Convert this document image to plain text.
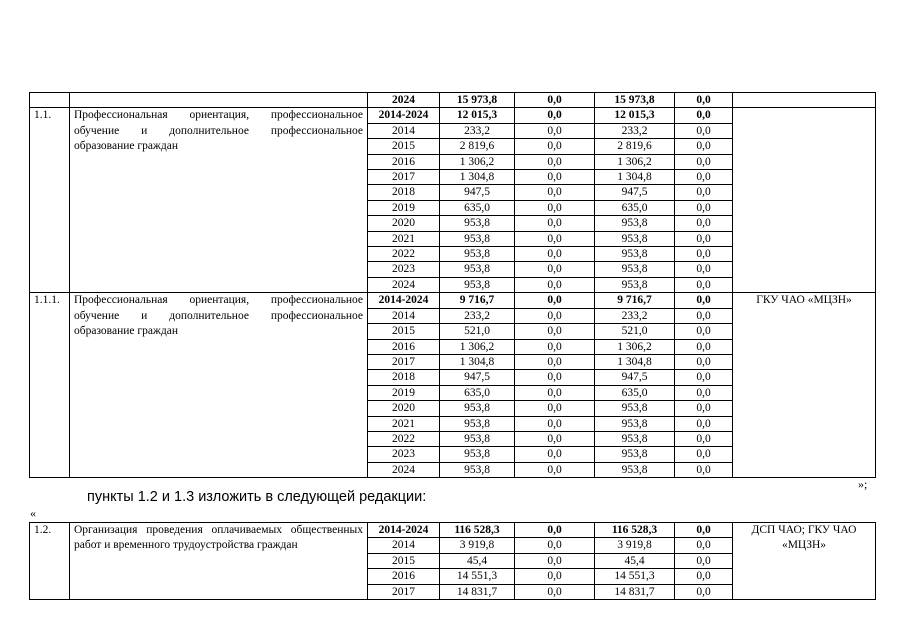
		2024	15 973,8	0,0	15 973,8	0,0	
1.1.	Профессиональная ориентация, профессиональное обучение и дополнительное профессиональное образование граждан	2014-2024	12 015,3	0,0	12 015,3	0,0	
		2014	233,2	0,0	233,2	0,0	
		2015	2 819,6	0,0	2 819,6	0,0	
		2016	1 306,2	0,0	1 306,2	0,0	
		2017	1 304,8	0,0	1 304,8	0,0	
		2018	947,5	0,0	947,5	0,0	
		2019	635,0	0,0	635,0	0,0	
		2020	953,8	0,0	953,8	0,0	
		2021	953,8	0,0	953,8	0,0	
		2022	953,8	0,0	953,8	0,0	
		2023	953,8	0,0	953,8	0,0	
		2024	953,8	0,0	953,8	0,0	
1.1.1.	Профессиональная ориентация, профессиональное обучение и дополнительное профессиональное образование граждан	2014-2024	9 716,7	0,0	9 716,7	0,0	ГКУ ЧАО «МЦЗН»
		2014	233,2	0,0	233,2	0,0	
		2015	521,0	0,0	521,0	0,0	
		2016	1 306,2	0,0	1 306,2	0,0	
		2017	1 304,8	0,0	1 304,8	0,0	
		2018	947,5	0,0	947,5	0,0	
		2019	635,0	0,0	635,0	0,0	
		2020	953,8	0,0	953,8	0,0	
		2021	953,8	0,0	953,8	0,0	
		2022	953,8	0,0	953,8	0,0	
		2023	953,8	0,0	953,8	0,0	
		2024	953,8	0,0	953,8	0,0	
»;
пункты 1.2 и 1.3 изложить в следующей редакции:
«
1.2.	Организация проведения оплачиваемых общественных работ и временного трудоустройства граждан	2014-2024	116 528,3	0,0	116 528,3	0,0	ДСП ЧАО; ГКУ ЧАО «МЦЗН»
		2014	3 919,8	0,0	3 919,8	0,0	
		2015	45,4	0,0	45,4	0,0	
		2016	14 551,3	0,0	14 551,3	0,0	
		2017	14 831,7	0,0	14 831,7	0,0	
